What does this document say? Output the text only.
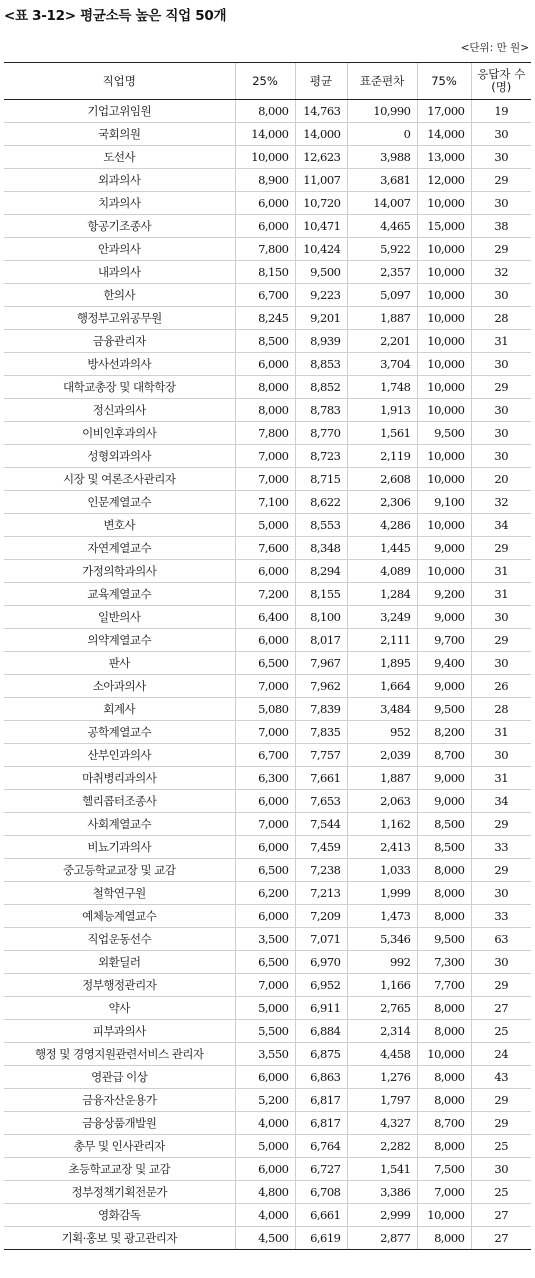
<표 3-12> 평균소득 높은 직업 50개
<단위: 만 원>
직업명	25%	평균	표준편차	75%	응답자 수
(명)
기업고위임원	8,000	14,763	10,990	17,000	19
국회의원	14,000	14,000	0	14,000	30
도선사	10,000	12,623	3,988	13,000	30
외과의사	8,900	11,007	3,681	12,000	29
치과의사	6,000	10,720	14,007	10,000	30
항공기조종사	6,000	10,471	4,465	15,000	38
안과의사	7,800	10,424	5,922	10,000	29
내과의사	8,150	9,500	2,357	10,000	32
한의사	6,700	9,223	5,097	10,000	30
행정부고위공무원	8,245	9,201	1,887	10,000	28
금융관리자	8,500	8,939	2,201	10,000	31
방사선과의사	6,000	8,853	3,704	10,000	30
대학교총장 및 대학학장	8,000	8,852	1,748	10,000	29
정신과의사	8,000	8,783	1,913	10,000	30
이비인후과의사	7,800	8,770	1,561	9,500	30
성형외과의사	7,000	8,723	2,119	10,000	30
시장 및 여론조사관리자	7,000	8,715	2,608	10,000	20
인문계열교수	7,100	8,622	2,306	9,100	32
변호사	5,000	8,553	4,286	10,000	34
자연계열교수	7,600	8,348	1,445	9,000	29
가정의학과의사	6,000	8,294	4,089	10,000	31
교육계열교수	7,200	8,155	1,284	9,200	31
일반의사	6,400	8,100	3,249	9,000	30
의약계열교수	6,000	8,017	2,111	9,700	29
판사	6,500	7,967	1,895	9,400	30
소아과의사	7,000	7,962	1,664	9,000	26
회계사	5,080	7,839	3,484	9,500	28
공학계열교수	7,000	7,835	952	8,200	31
산부인과의사	6,700	7,757	2,039	8,700	30
마취병리과의사	6,300	7,661	1,887	9,000	31
헬리콥터조종사	6,000	7,653	2,063	9,000	34
사회계열교수	7,000	7,544	1,162	8,500	29
비뇨기과의사	6,000	7,459	2,413	8,500	33
중고등학교교장 및 교감	6,500	7,238	1,033	8,000	29
철학연구원	6,200	7,213	1,999	8,000	30
예체능계열교수	6,000	7,209	1,473	8,000	33
직업운동선수	3,500	7,071	5,346	9,500	63
외환딜러	6,500	6,970	992	7,300	30
정부행정관리자	7,000	6,952	1,166	7,700	29
약사	5,000	6,911	2,765	8,000	27
피부과의사	5,500	6,884	2,314	8,000	25
행정 및 경영지원관련서비스 관리자	3,550	6,875	4,458	10,000	24
영관급 이상	6,000	6,863	1,276	8,000	43
금융자산운용가	5,200	6,817	1,797	8,000	29
금융상품개발원	4,000	6,817	4,327	8,700	29
총무 및 인사관리자	5,000	6,764	2,282	8,000	25
초등학교교장 및 교감	6,000	6,727	1,541	7,500	30
정부정책기획전문가	4,800	6,708	3,386	7,000	25
영화감독	4,000	6,661	2,999	10,000	27
기획·홍보 및 광고관리자	4,500	6,619	2,877	8,000	27
